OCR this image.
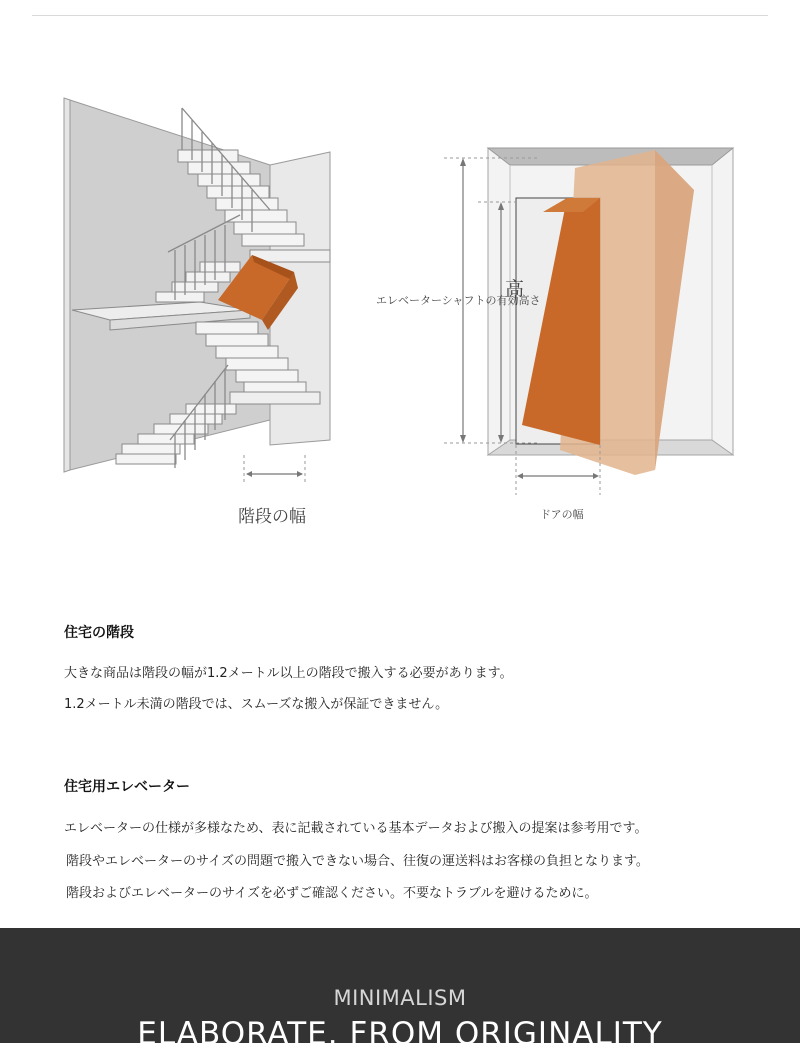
階段の幅
高
エレベーターシャフトの有効高さ
ドアの幅
住宅の階段
大きな商品は階段の幅が1.2メートル以上の階段で搬入する必要があります。
1.2メートル未満の階段では、スムーズな搬入が保証できません。
住宅用エレベーター
エレベーターの仕様が多様なため、表に記載されている基本データおよび搬入の提案は参考用です。
階段やエレベーターのサイズの問題で搬入できない場合、往復の運送料はお客様の負担となります。
階段およびエレベーターのサイズを必ずご確認ください。不要なトラブルを避けるために。
MINIMALISM
ELABORATE. FROM ORIGINALITY
